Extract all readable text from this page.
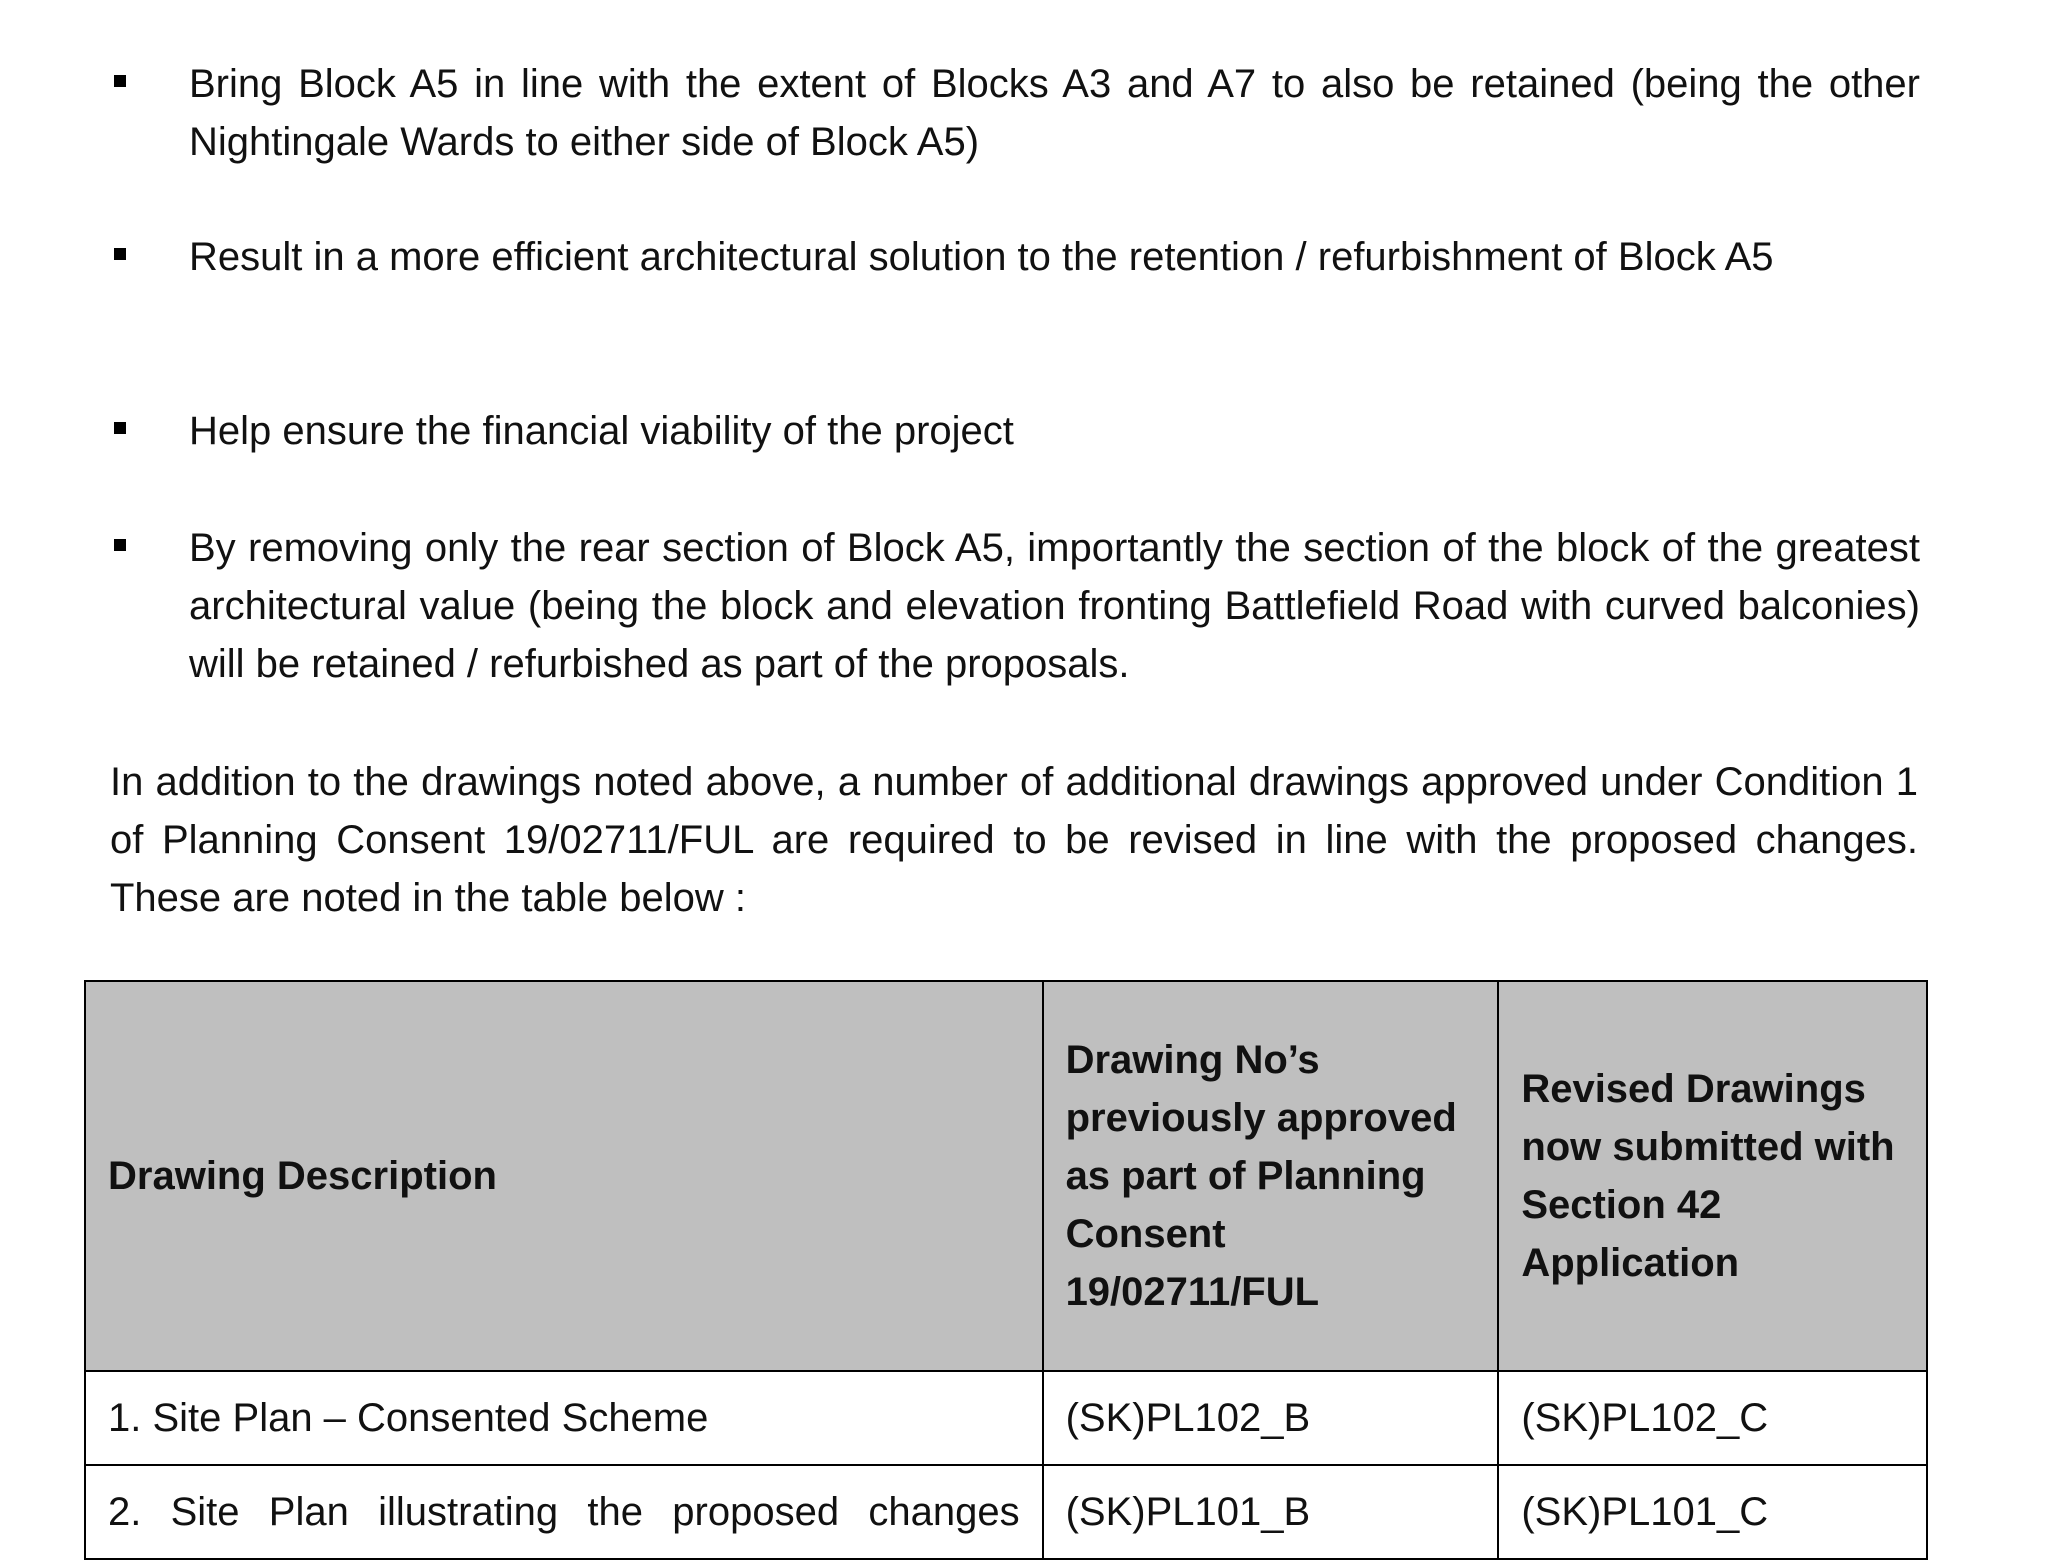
Bring Block A5 in line with the extent of Blocks A3 and A7 to also be retained (being the other Nightingale Wards to either side of Block A5)
Result in a more efficient architectural solution to the retention / refurbishment of Block A5
Help ensure the financial viability of the project
By removing only the rear section of Block A5, importantly the section of the block of the greatest architectural value (being the block and elevation fronting Battlefield Road with curved balconies) will be retained / refurbished as part of the proposals.
In addition to the drawings noted above, a number of additional drawings approved under Condition 1 of Planning Consent 19/02711/FUL are required to be revised in line with the proposed changes. These are noted in the table below :
Drawing Description	Drawing No’s previously approved as part of Planning Consent 19/02711/FUL	Revised Drawings now submitted with Section 42 Application
1. Site Plan – Consented Scheme	(SK)PL102_B	(SK)PL102_C
2. Site Plan illustrating the proposed changes	(SK)PL101_B	(SK)PL101_C
